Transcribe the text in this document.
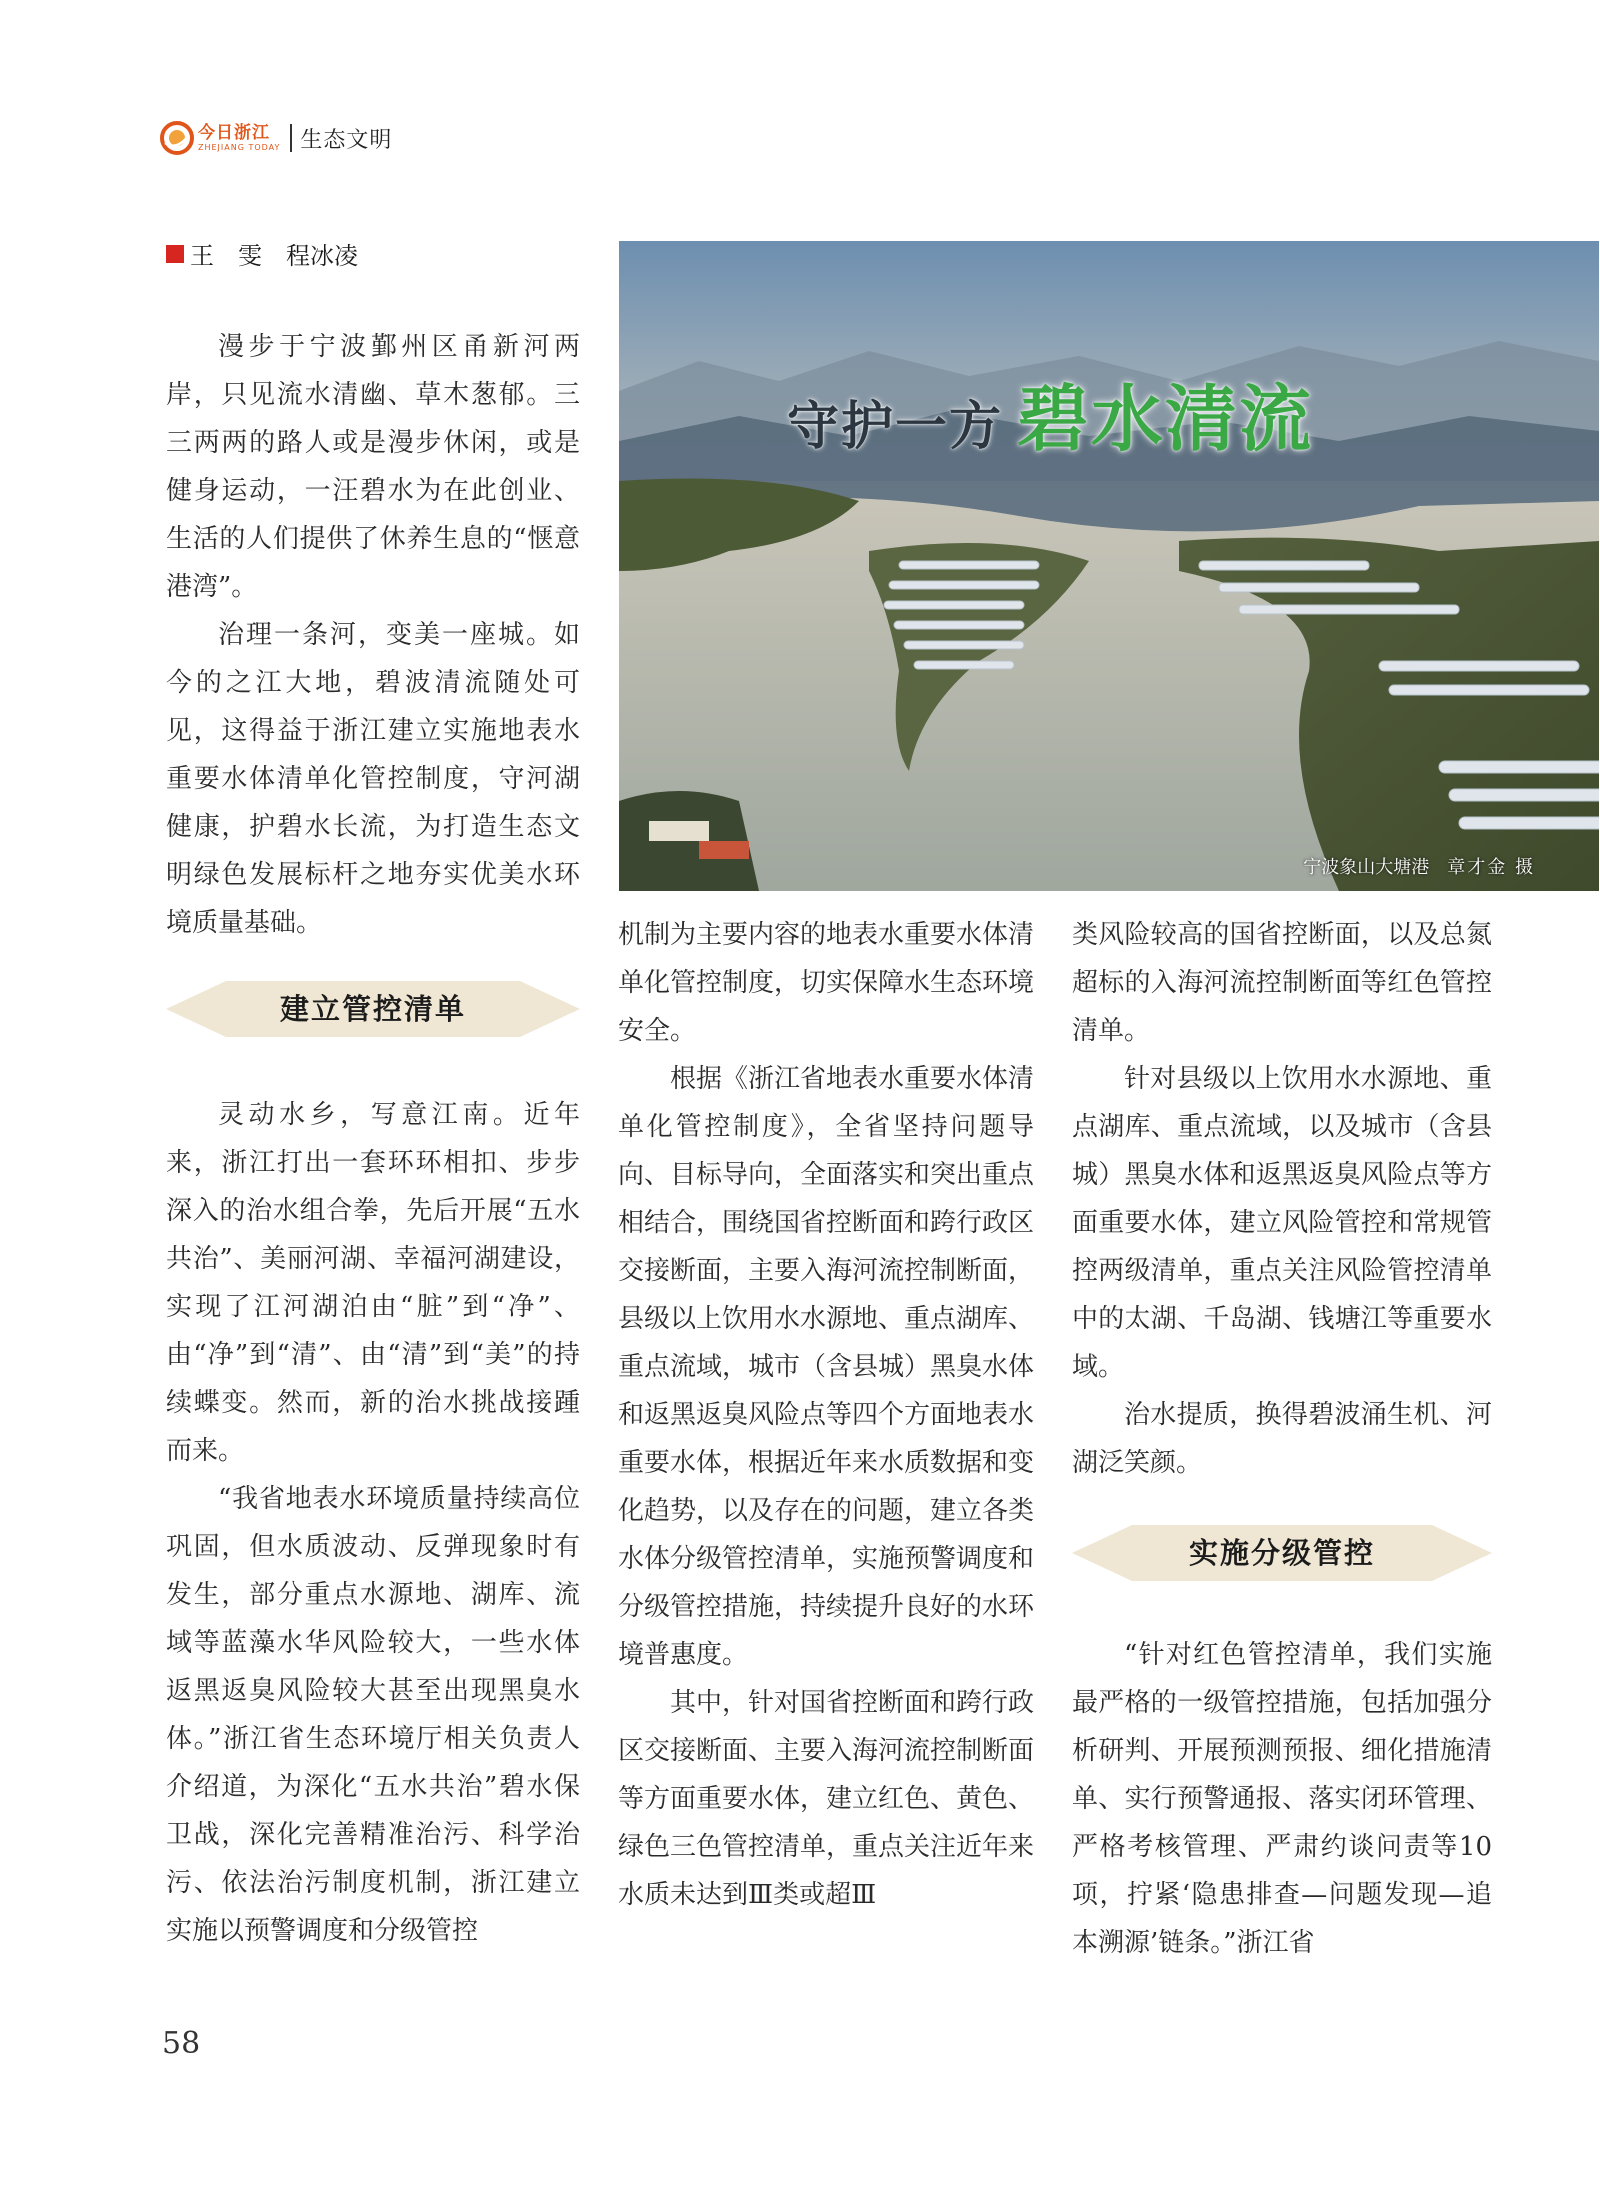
今日浙江
ZHEJIANG TODAY 生态文明
王　雯　程冰凌
守护一方 碧水清流
宁波象山大塘港 章才金 摄

漫步于宁波鄞州区甬新河两岸，只见流水清幽、草木葱郁。三三两两的路人或是漫步休闲，或是健身运动，一汪碧水为在此创业、生活的人们提供了休养生息的“惬意港湾”。

治理一条河，变美一座城。如今的之江大地，碧波清流随处可见，这得益于浙江建立实施地表水重要水体清单化管控制度，守河湖健康，护碧水长流，为打造生态文明绿色发展标杆之地夯实优美水环境质量基础。

建立管控清单

灵动水乡，写意江南。近年来，浙江打出一套环环相扣、步步深入的治水组合拳，先后开展“五水共治”、美丽河湖、幸福河湖建设，实现了江河湖泊由“脏”到“净”、由“净”到“清”、由“清”到“美”的持续蝶变。然而，新的治水挑战接踵而来。

“我省地表水环境质量持续高位巩固，但水质波动、反弹现象时有发生，部分重点水源地、湖库、流域等蓝藻水华风险较大，一些水体返黑返臭风险较大甚至出现黑臭水体。”浙江省生态环境厅相关负责人介绍道，为深化“五水共治”碧水保卫战，深化完善精准治污、科学治污、依法治污制度机制，浙江建立实施以预警调度和分级管控

机制为主要内容的地表水重要水体清单化管控制度，切实保障水生态环境安全。

根据《浙江省地表水重要水体清单化管控制度》，全省坚持问题导向、目标导向，全面落实和突出重点相结合，围绕国省控断面和跨行政区交接断面，主要入海河流控制断面，县级以上饮用水水源地、重点湖库、重点流域，城市（含县城）黑臭水体和返黑返臭风险点等四个方面地表水重要水体，根据近年来水质数据和变化趋势，以及存在的问题，建立各类水体分级管控清单，实施预警调度和分级管控措施，持续提升良好的水环境普惠度。

其中，针对国省控断面和跨行政区交接断面、主要入海河流控制断面等方面重要水体，建立红色、黄色、绿色三色管控清单，重点关注近年来水质未达到Ⅲ类或超Ⅲ

类风险较高的国省控断面，以及总氮超标的入海河流控制断面等红色管控清单。

针对县级以上饮用水水源地、重点湖库、重点流域，以及城市（含县城）黑臭水体和返黑返臭风险点等方面重要水体，建立风险管控和常规管控两级清单，重点关注风险管控清单中的太湖、千岛湖、钱塘江等重要水域。

治水提质，换得碧波涌生机、河湖泛笑颜。

实施分级管控

“针对红色管控清单，我们实施最严格的一级管控措施，包括加强分析研判、开展预测预报、细化措施清单、实行预警通报、落实闭环管理、严格考核管理、严肃约谈问责等10项，拧紧‘隐患排查—问题发现—追本溯源’链条。”浙江省

58
